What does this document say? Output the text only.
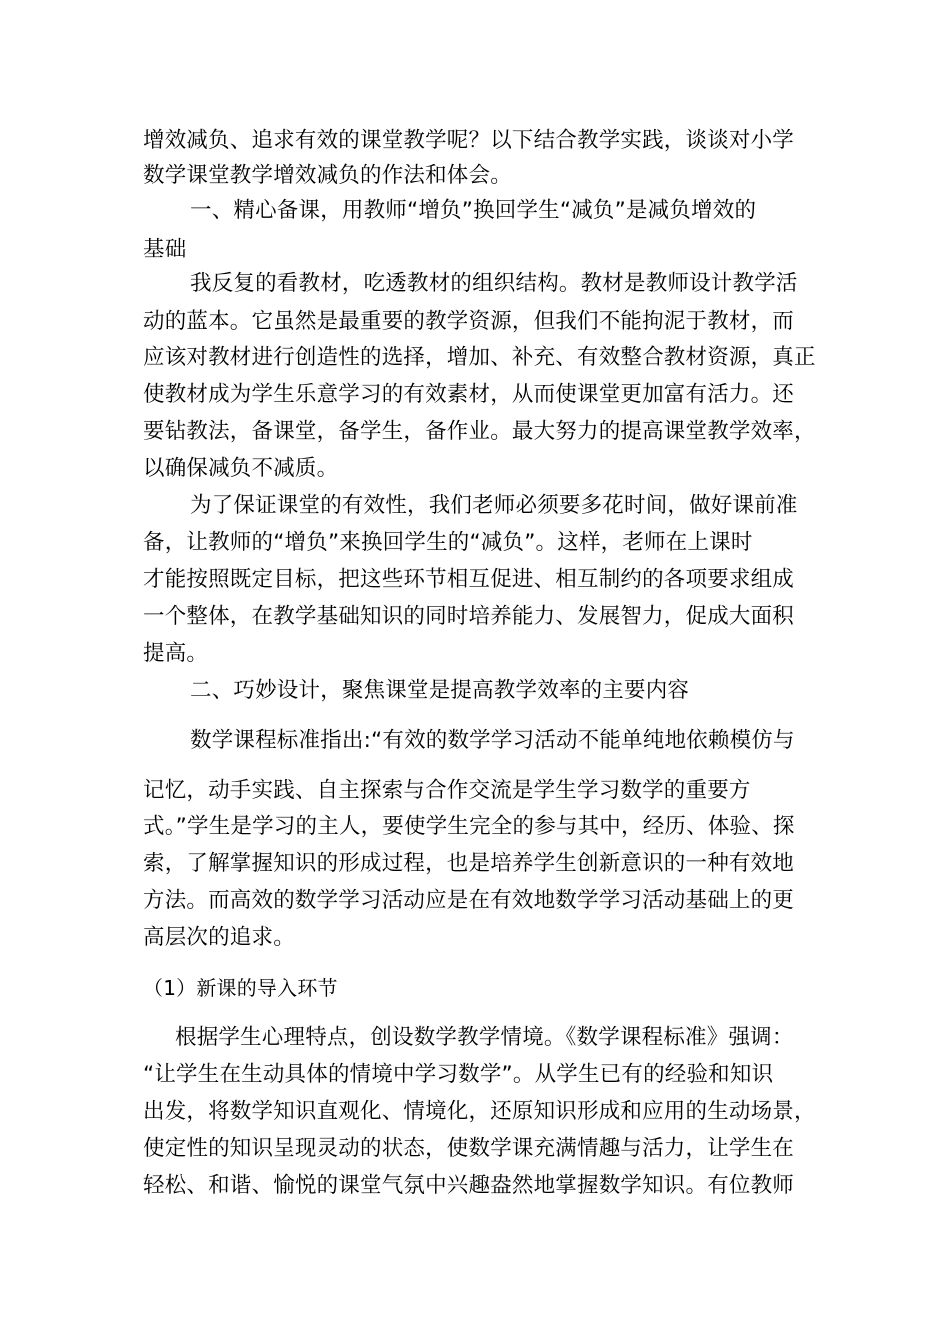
增效减负、追求有效的课堂教学呢？以下结合教学实践，谈谈对小学
数学课堂教学增效减负的作法和体会。
一、精心备课，用教师“增负”换回学生“减负”是减负增效的
基础
我反复的看教材，吃透教材的组织结构。教材是教师设计教学活
动的蓝本。它虽然是最重要的教学资源，但我们不能拘泥于教材，而
应该对教材进行创造性的选择，增加、补充、有效整合教材资源，真正
使教材成为学生乐意学习的有效素材，从而使课堂更加富有活力。还
要钻教法，备课堂，备学生，备作业。最大努力的提高课堂教学效率，
以确保减负不减质。
为了保证课堂的有效性，我们老师必须要多花时间，做好课前准
备，让教师的“增负”来换回学生的“减负”。这样，老师在上课时
才能按照既定目标，把这些环节相互促进、相互制约的各项要求组成
一个整体，在教学基础知识的同时培养能力、发展智力，促成大面积
提高。
二、巧妙设计，聚焦课堂是提高教学效率的主要内容
数学课程标准指出:“有效的数学学习活动不能单纯地依赖模仿与
记忆，动手实践、自主探索与合作交流是学生学习数学的重要方
式。”学生是学习的主人，要使学生完全的参与其中，经历、体验、探
索，了解掌握知识的形成过程，也是培养学生创新意识的一种有效地
方法。而高效的数学学习活动应是在有效地数学学习活动基础上的更
高层次的追求。
（1）新课的导入环节
根据学生心理特点，创设数学教学情境。《数学课程标准》强调：
“让学生在生动具体的情境中学习数学”。从学生已有的经验和知识
出发，将数学知识直观化、情境化，还原知识形成和应用的生动场景，
使定性的知识呈现灵动的状态，使数学课充满情趣与活力，让学生在
轻松、和谐、愉悦的课堂气氛中兴趣盎然地掌握数学知识。有位教师
